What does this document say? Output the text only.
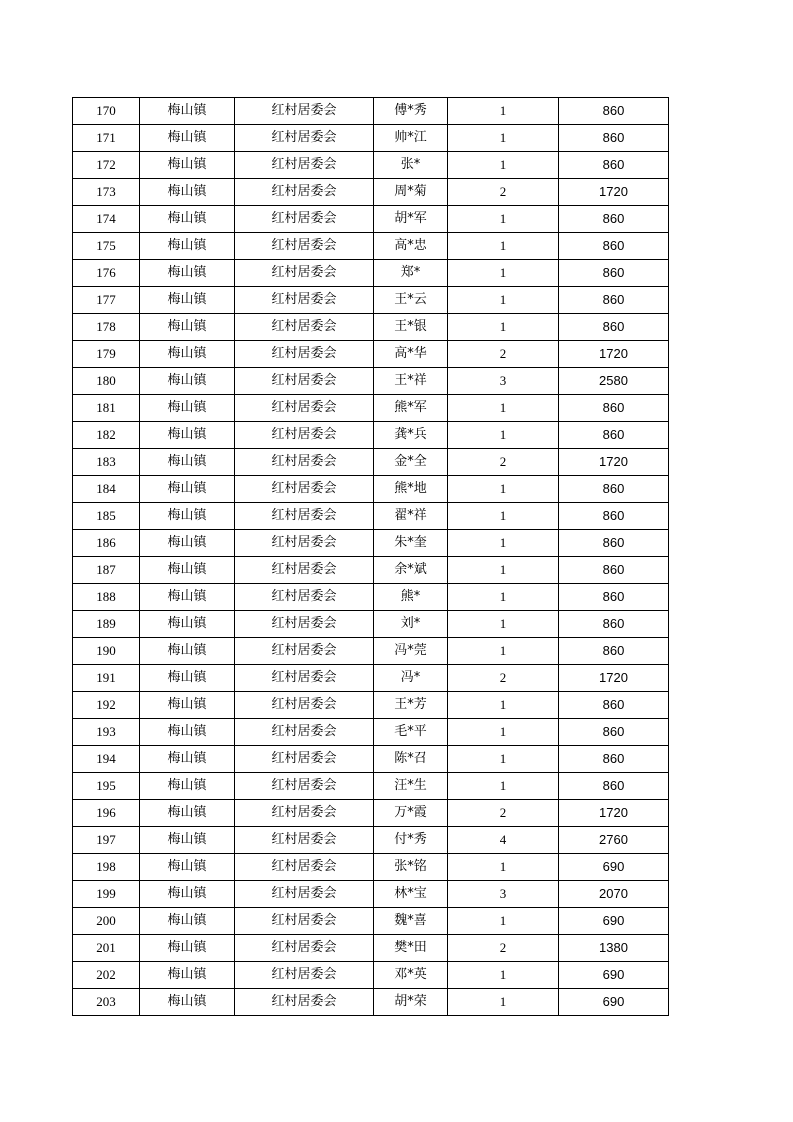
170	梅山镇	红村居委会	傅*秀	1	860
171	梅山镇	红村居委会	帅*江	1	860
172	梅山镇	红村居委会	张*	1	860
173	梅山镇	红村居委会	周*菊	2	1720
174	梅山镇	红村居委会	胡*军	1	860
175	梅山镇	红村居委会	高*忠	1	860
176	梅山镇	红村居委会	郑*	1	860
177	梅山镇	红村居委会	王*云	1	860
178	梅山镇	红村居委会	王*银	1	860
179	梅山镇	红村居委会	高*华	2	1720
180	梅山镇	红村居委会	王*祥	3	2580
181	梅山镇	红村居委会	熊*军	1	860
182	梅山镇	红村居委会	龚*兵	1	860
183	梅山镇	红村居委会	金*全	2	1720
184	梅山镇	红村居委会	熊*地	1	860
185	梅山镇	红村居委会	翟*祥	1	860
186	梅山镇	红村居委会	朱*奎	1	860
187	梅山镇	红村居委会	余*斌	1	860
188	梅山镇	红村居委会	熊*	1	860
189	梅山镇	红村居委会	刘*	1	860
190	梅山镇	红村居委会	冯*莞	1	860
191	梅山镇	红村居委会	冯*	2	1720
192	梅山镇	红村居委会	王*芳	1	860
193	梅山镇	红村居委会	毛*平	1	860
194	梅山镇	红村居委会	陈*召	1	860
195	梅山镇	红村居委会	汪*生	1	860
196	梅山镇	红村居委会	万*霞	2	1720
197	梅山镇	红村居委会	付*秀	4	2760
198	梅山镇	红村居委会	张*铭	1	690
199	梅山镇	红村居委会	林*宝	3	2070
200	梅山镇	红村居委会	魏*喜	1	690
201	梅山镇	红村居委会	樊*田	2	1380
202	梅山镇	红村居委会	邓*英	1	690
203	梅山镇	红村居委会	胡*荣	1	690
